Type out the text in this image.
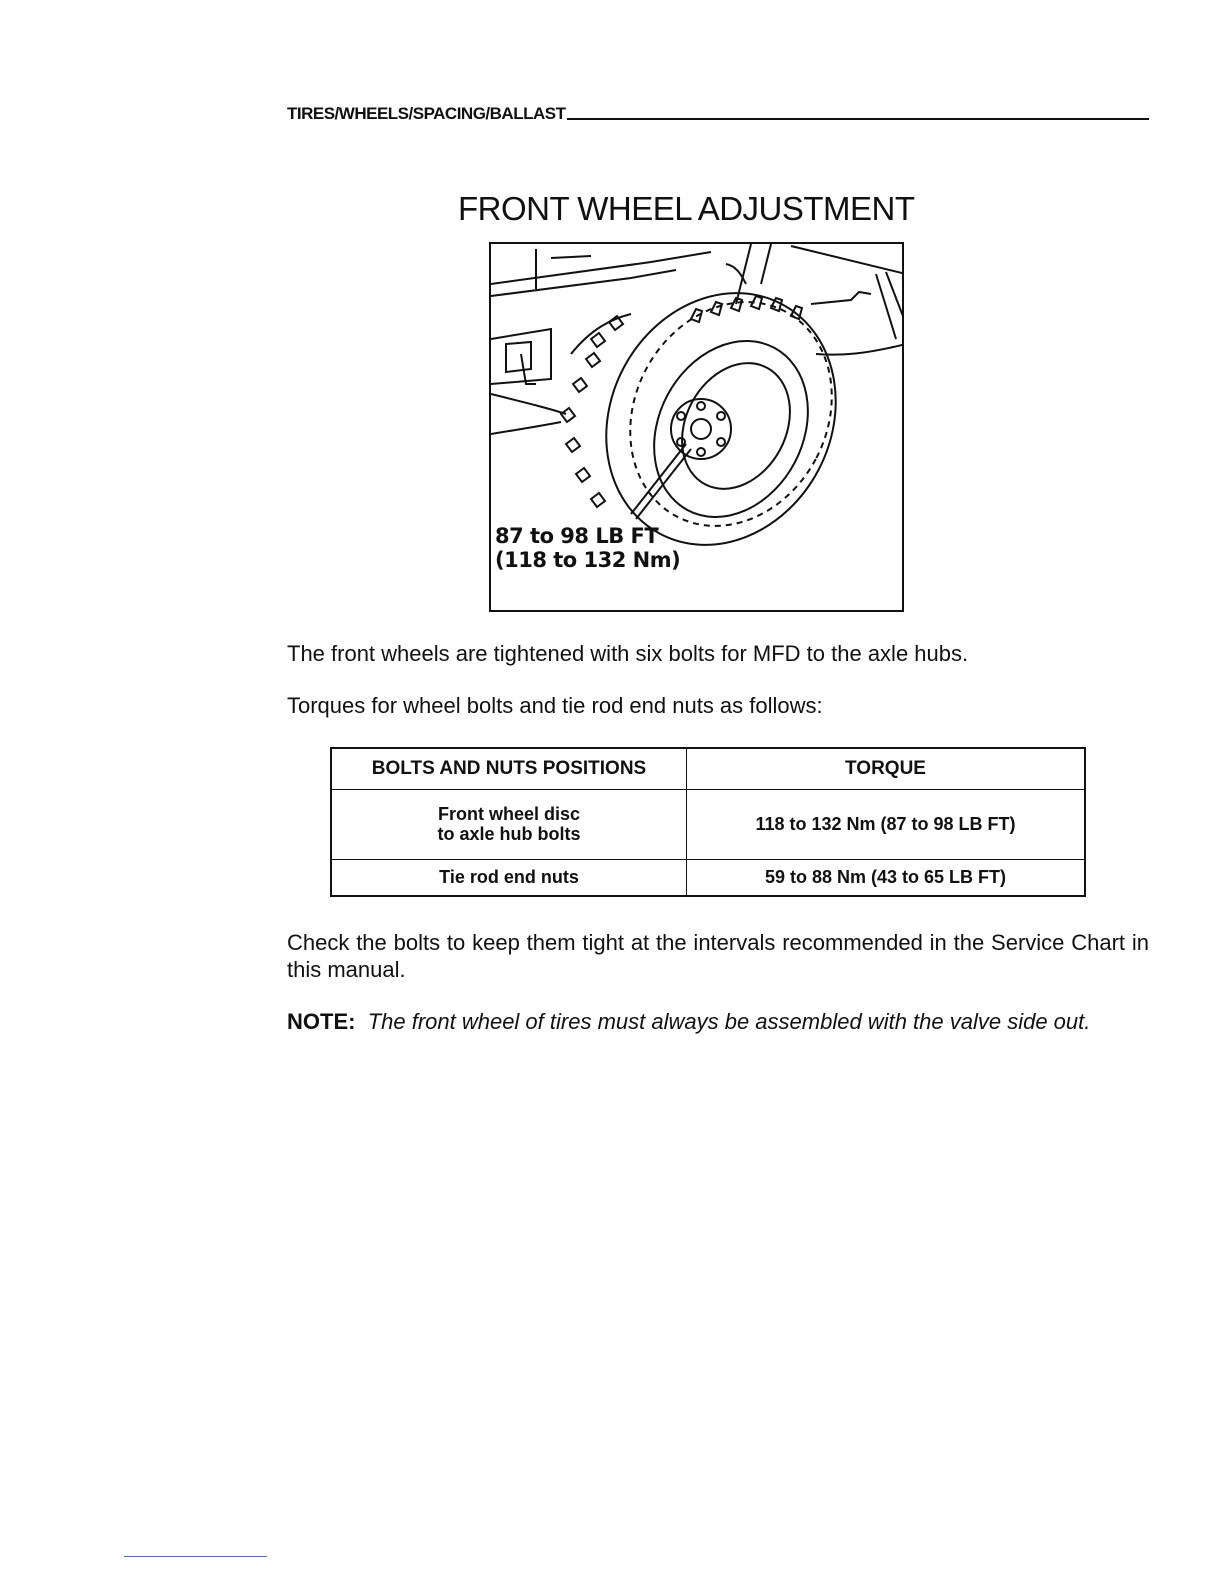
TIRES/WHEELS/SPACING/BALLAST
FRONT WHEEL ADJUSTMENT
87 to 98 LB FT
(118 to 132 Nm)
The front wheels are tightened with six bolts for MFD to the axle hubs.
Torques for wheel bolts and tie rod end nuts as follows:
BOLTS AND NUTS POSITIONS	TORQUE

Front wheel disc
to axle hub bolts	118 to 132 Nm (87 to 98 LB FT)
Tie rod end nuts	59 to 88 Nm (43 to 65 LB FT)
Check the bolts to keep them tight at the intervals recommended in the Service Chart in this manual.
NOTE: The front wheel of tires must always be assembled with the valve side out.
